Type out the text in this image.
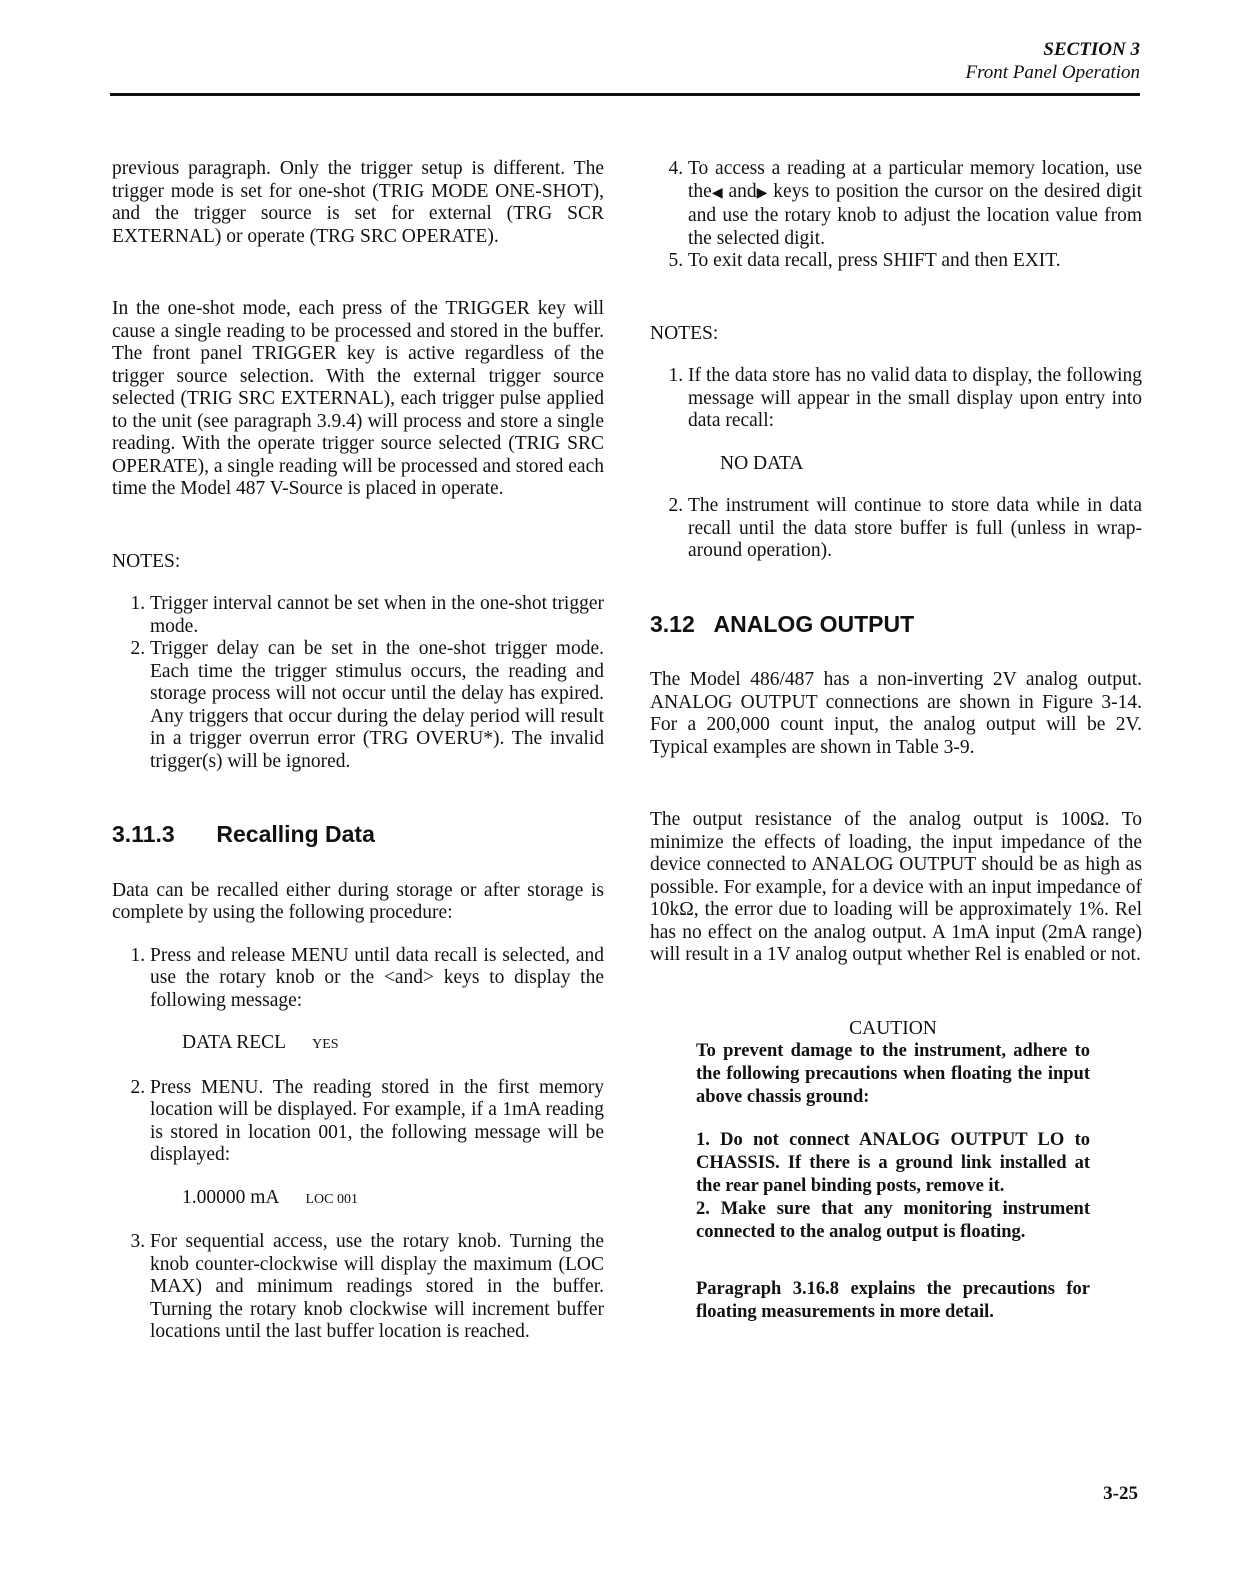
SECTION 3
Front Panel Operation

previous paragraph. Only the trigger setup is different. The trigger mode is set for one-shot (TRIG MODE ONE-SHOT), and the trigger source is set for external (TRG SCR EXTERNAL) or operate (TRG SRC OPERATE).

In the one-shot mode, each press of the TRIGGER key will cause a single reading to be processed and stored in the buffer. The front panel TRIGGER key is active regardless of the trigger source selection. With the external trigger source selected (TRIG SRC EXTERNAL), each trigger pulse applied to the unit (see paragraph 3.9.4) will process and store a single reading. With the operate trigger source selected (TRIG SRC OPERATE), a single reading will be processed and stored each time the Model 487 V-Source is placed in operate.

NOTES:

1. Trigger interval cannot be set when in the one-shot trigger mode.
2. Trigger delay can be set in the one-shot trigger mode. Each time the trigger stimulus occurs, the reading and storage process will not occur until the delay has expired. Any triggers that occur during the delay period will result in a trigger overrun error (TRG OVERU*). The invalid trigger(s) will be ignored.
3.11.3 Recalling Data

Data can be recalled either during storage or after storage is complete by using the following procedure:

1. Press and release MENU until data recall is selected, and use the rotary knob or the <and> keys to display the following message:
DATA RECL YES
2. Press MENU. The reading stored in the first memory location will be displayed. For example, if a 1mA reading is stored in location 001, the following message will be displayed:
1.00000 mA LOC 001
3. For sequential access, use the rotary knob. Turning the knob counter-clockwise will display the maximum (LOC MAX) and minimum readings stored in the buffer. Turning the rotary knob clockwise will increment buffer locations until the last buffer location is reached.
4. To access a reading at a particular memory location, use the◀ and▶ keys to position the cursor on the desired digit and use the rotary knob to adjust the location value from the selected digit.
5. To exit data recall, press SHIFT and then EXIT.

NOTES:

1. If the data store has no valid data to display, the following message will appear in the small display upon entry into data recall:
NO DATA
2. The instrument will continue to store data while in data recall until the data store buffer is full (unless in wrap-around operation).
3.12 ANALOG OUTPUT

The Model 486/487 has a non-inverting 2V analog output. ANALOG OUTPUT connections are shown in Figure 3-14. For a 200,000 count input, the analog output will be 2V. Typical examples are shown in Table 3-9.

The output resistance of the analog output is 100Ω. To minimize the effects of loading, the input impedance of the device connected to ANALOG OUTPUT should be as high as possible. For example, for a device with an input impedance of 10kΩ, the error due to loading will be approximately 1%. Rel has no effect on the analog output. A 1mA input (2mA range) will result in a 1V analog output whether Rel is enabled or not.

CAUTION

To prevent damage to the instrument, adhere to the following precautions when floating the input above chassis ground:

1. Do not connect ANALOG OUTPUT LO to CHASSIS. If there is a ground link installed at the rear panel binding posts, remove it.

2. Make sure that any monitoring instrument connected to the analog output is floating.

Paragraph 3.16.8 explains the precautions for floating measurements in more detail.

3-25
